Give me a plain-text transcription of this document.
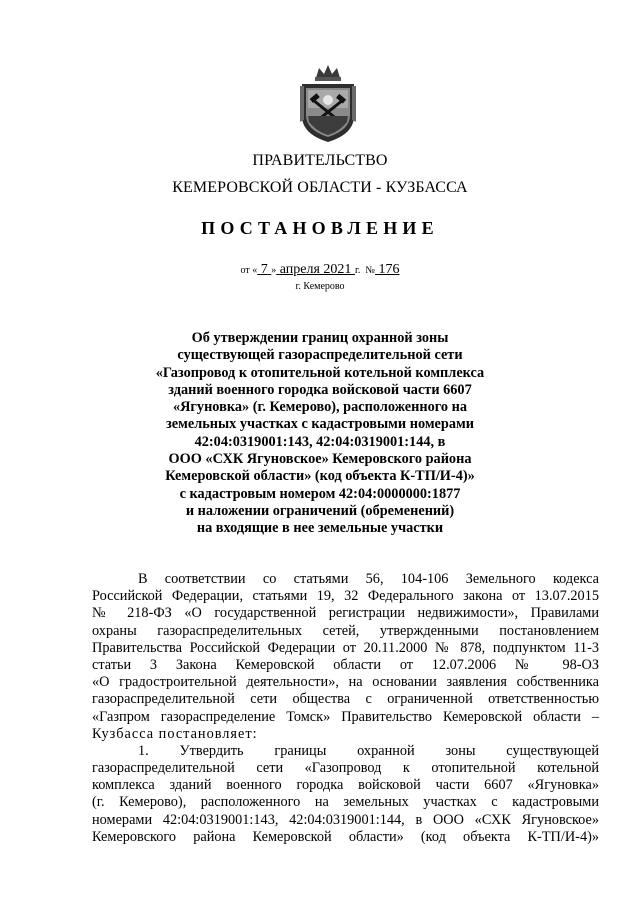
ПРАВИТЕЛЬСТВО
КЕМЕРОВСКОЙ ОБЛАСТИ - КУЗБАССА
ПОСТАНОВЛЕНИЕ
от « 7 » апреля 2021 г. № 176
г. Кемерово
Об утверждении границ охранной зоны
существующей газораспределительной сети
«Газопровод к отопительной котельной комплекса
зданий военного городка войсковой части 6607
«Ягуновка» (г. Кемерово), расположенного на
земельных участках с кадастровыми номерами
42:04:0319001:143, 42:04:0319001:144, в
ООО «СХК Ягуновское» Кемеровского района
Кемеровской области» (код объекта К-ТП/И-4)»
с кадастровым номером 42:04:0000000:1877
и наложении ограничений (обременений)
на входящие в нее земельные участки
В соответствии со статьями 56, 104-106 Земельного кодекса
Российской Федерации, статьями 19, 32 Федерального закона от 13.07.2015
№ 218-ФЗ «О государственной регистрации недвижимости», Правилами
охраны газораспределительных сетей, утвержденными постановлением
Правительства Российской Федерации от 20.11.2000 № 878, подпунктом 11-3
статьи 3 Закона Кемеровской области от 12.07.2006 № 98-ОЗ
«О градостроительной деятельности», на основании заявления собственника
газораспределительной сети общества с ограниченной ответственностью
«Газпром газораспределение Томск» Правительство Кемеровской области –
Кузбасса постановляет:
1. Утвердить границы охранной зоны существующей
газораспределительной сети «Газопровод к отопительной котельной
комплекса зданий военного городка войсковой части 6607 «Ягуновка»
(г. Кемерово), расположенного на земельных участках с кадастровыми
номерами 42:04:0319001:143, 42:04:0319001:144, в ООО «СХК Ягуновское»
Кемеровского района Кемеровской области» (код объекта К-ТП/И-4)»
